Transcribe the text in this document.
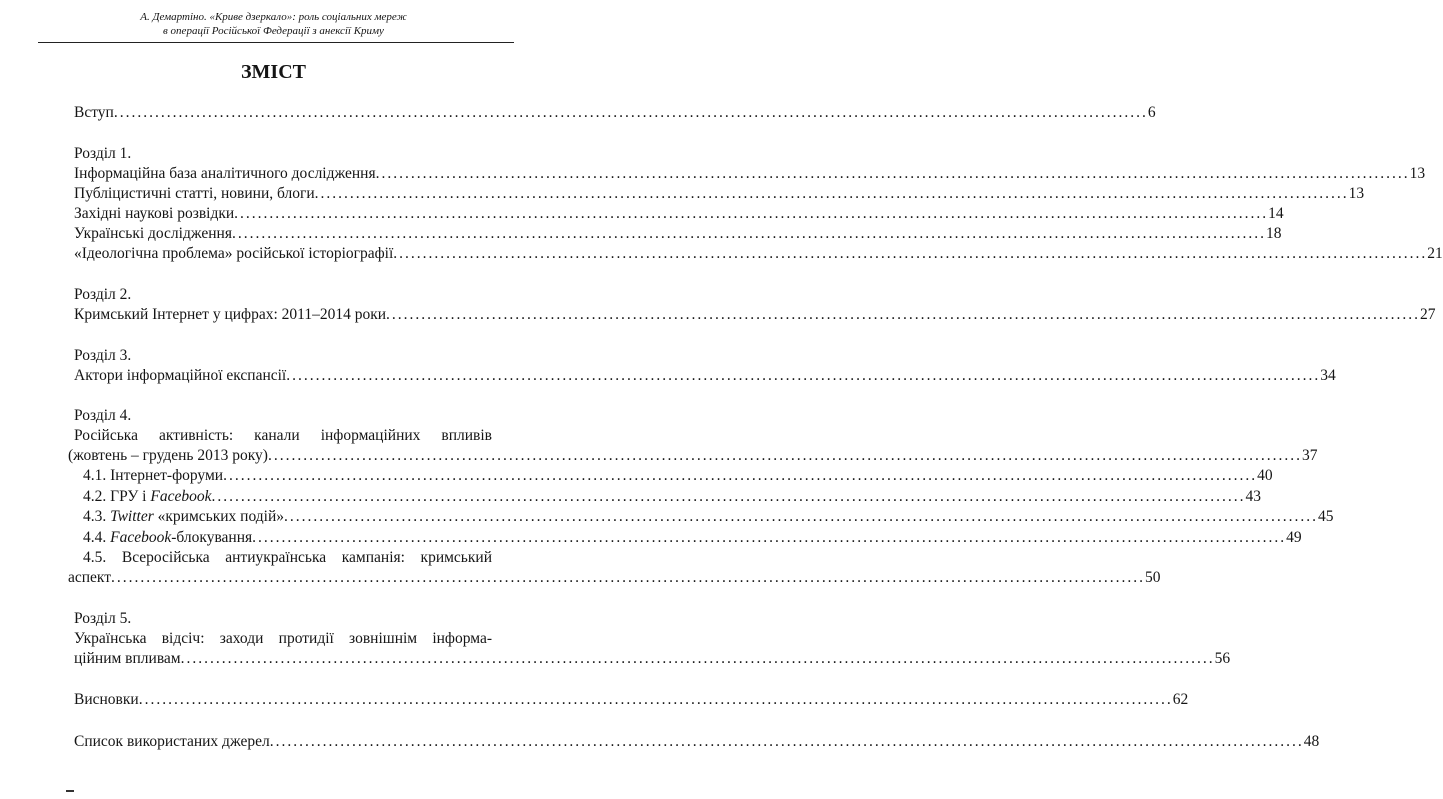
А. Демартіно. «Криве дзеркало»: роль соціальних мереж
в операції Російської Федерації з анексії Криму
ЗМІСТ
Вступ ................................................................................................................................................................................ 6
Розділ 1.
Інформаційна база аналітичного дослідження ................................................................................................................................................................................ 13
Публіцистичні статті, новини, блоги ................................................................................................................................................................................ 13
Західні наукові розвідки ................................................................................................................................................................................ 14
Українські дослідження ................................................................................................................................................................................ 18
«Ідеологічна проблема» російської історіографії ................................................................................................................................................................................ 21
Розділ 2.
Кримський Інтернет у цифрах: 2011–2014 роки ................................................................................................................................................................................ 27
Розділ 3.
Актори інформаційної експансії ................................................................................................................................................................................ 34
Розділ 4.
Російська активність: канали інформаційних впливів
(жовтень – грудень 2013 року) ................................................................................................................................................................................ 37
4.1. Інтернет-форуми ................................................................................................................................................................................ 40
4.2. ГРУ і Facebook ................................................................................................................................................................................ 43
4.3. Twitter «кримських подій» ................................................................................................................................................................................ 45
4.4. Facebook-блокування ................................................................................................................................................................................ 49
4.5. Всеросійська антиукраїнська кампанія: кримський
аспект ................................................................................................................................................................................ 50
Розділ 5.
Українська відсіч: заходи протидії зовнішнім інформа-
ційним впливам ................................................................................................................................................................................ 56
Висновки ................................................................................................................................................................................ 62
Список використаних джерел ................................................................................................................................................................................ 48
